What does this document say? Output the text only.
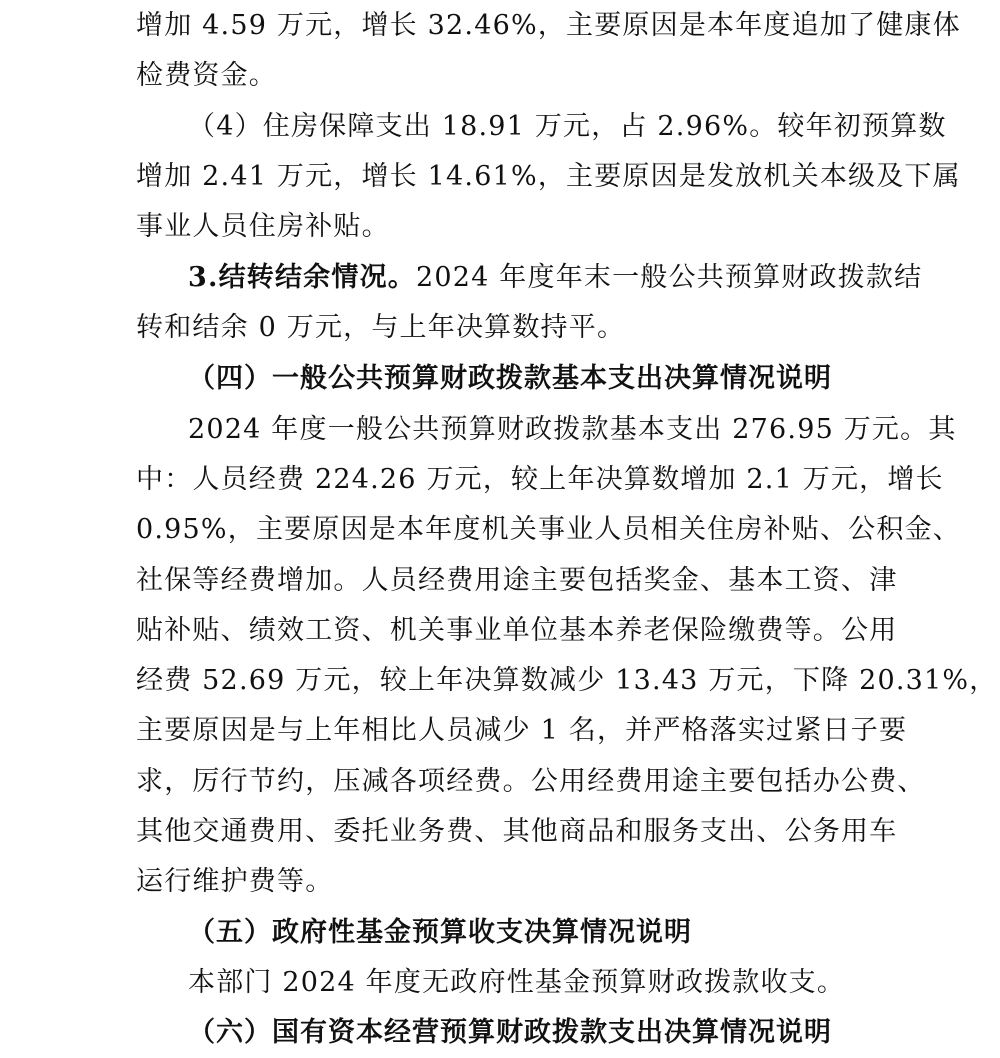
增加 4.59 万元，增长 32.46%，主要原因是本年度追加了健康体
检费资金。
（4）住房保障支出 18.91 万元，占 2.96%。较年初预算数
增加 2.41 万元，增长 14.61%，主要原因是发放机关本级及下属
事业人员住房补贴。
3.结转结余情况。2024 年度年末一般公共预算财政拨款结
转和结余 0 万元，与上年决算数持平。
（四）一般公共预算财政拨款基本支出决算情况说明
2024 年度一般公共预算财政拨款基本支出 276.95 万元。其
中：人员经费 224.26 万元，较上年决算数增加 2.1 万元，增长
0.95%，主要原因是本年度机关事业人员相关住房补贴、公积金、
社保等经费增加。人员经费用途主要包括奖金、基本工资、津
贴补贴、绩效工资、机关事业单位基本养老保险缴费等。公用
经费 52.69 万元，较上年决算数减少 13.43 万元，下降 20.31%，
主要原因是与上年相比人员减少 1 名，并严格落实过紧日子要
求，厉行节约，压减各项经费。公用经费用途主要包括办公费、
其他交通费用、委托业务费、其他商品和服务支出、公务用车
运行维护费等。
（五）政府性基金预算收支决算情况说明
本部门 2024 年度无政府性基金预算财政拨款收支。
（六）国有资本经营预算财政拨款支出决算情况说明
